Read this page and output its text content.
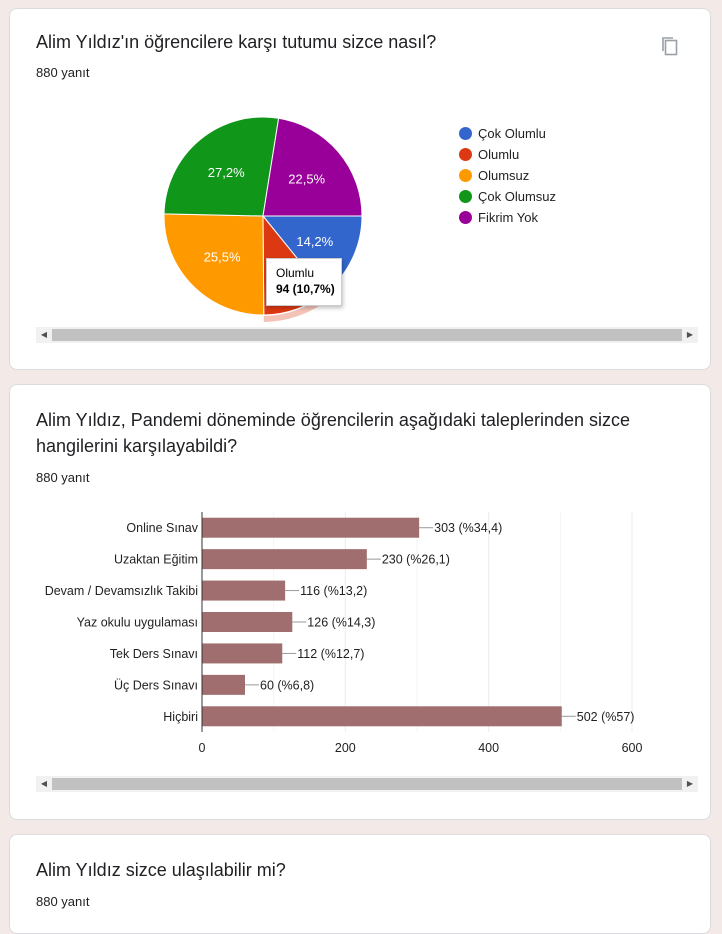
Alim Yıldız'ın öğrencilere karşı tutumu sizce nasıl?
880 yanıt
14,2%
25,5%
27,2%	22,5%
Çok Olumlu
Olumlu
Olumsuz
Çok Olumsuz
Fikrim Yok
Olumlu
94 (10,7%)
◀	▶
Alim Yıldız, Pandemi döneminde öğrencilerin aşağıdaki taleplerinden sizce
hangilerini karşılayabildi?
880 yanıt
Online Sınav	303 (%34,4)
Uzaktan Eğitim	230 (%26,1)
Devam / Devamsızlık Takibi	116 (%13,2)
Yaz okulu uygulaması	126 (%14,3)
Tek Ders Sınavı	112 (%12,7)
Üç Ders Sınavı	60 (%6,8)
Hiçbiri	502 (%57)
0	200	400	600
◀	▶
Alim Yıldız sizce ulaşılabilir mi?
880 yanıt
